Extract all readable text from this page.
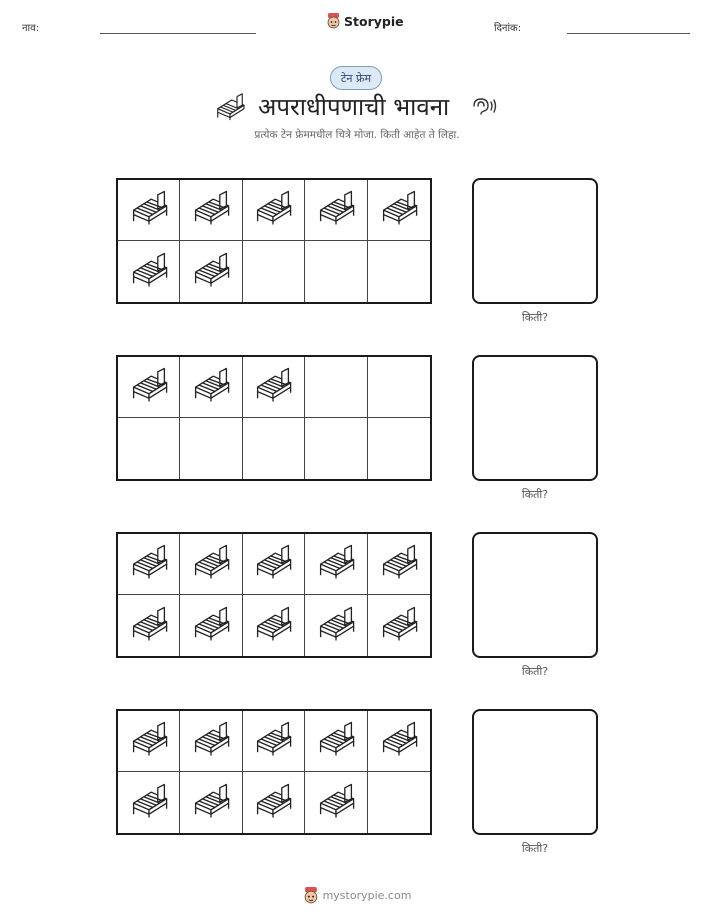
नाव:	Storypie	दिनांक:
टेन फ्रेम
अपराधीपणाची भावना
प्रत्येक टेन फ्रेममधील चित्रे मोजा. किती आहेत ते लिहा.
किती?
किती?
किती?
किती?
mystorypie.com
